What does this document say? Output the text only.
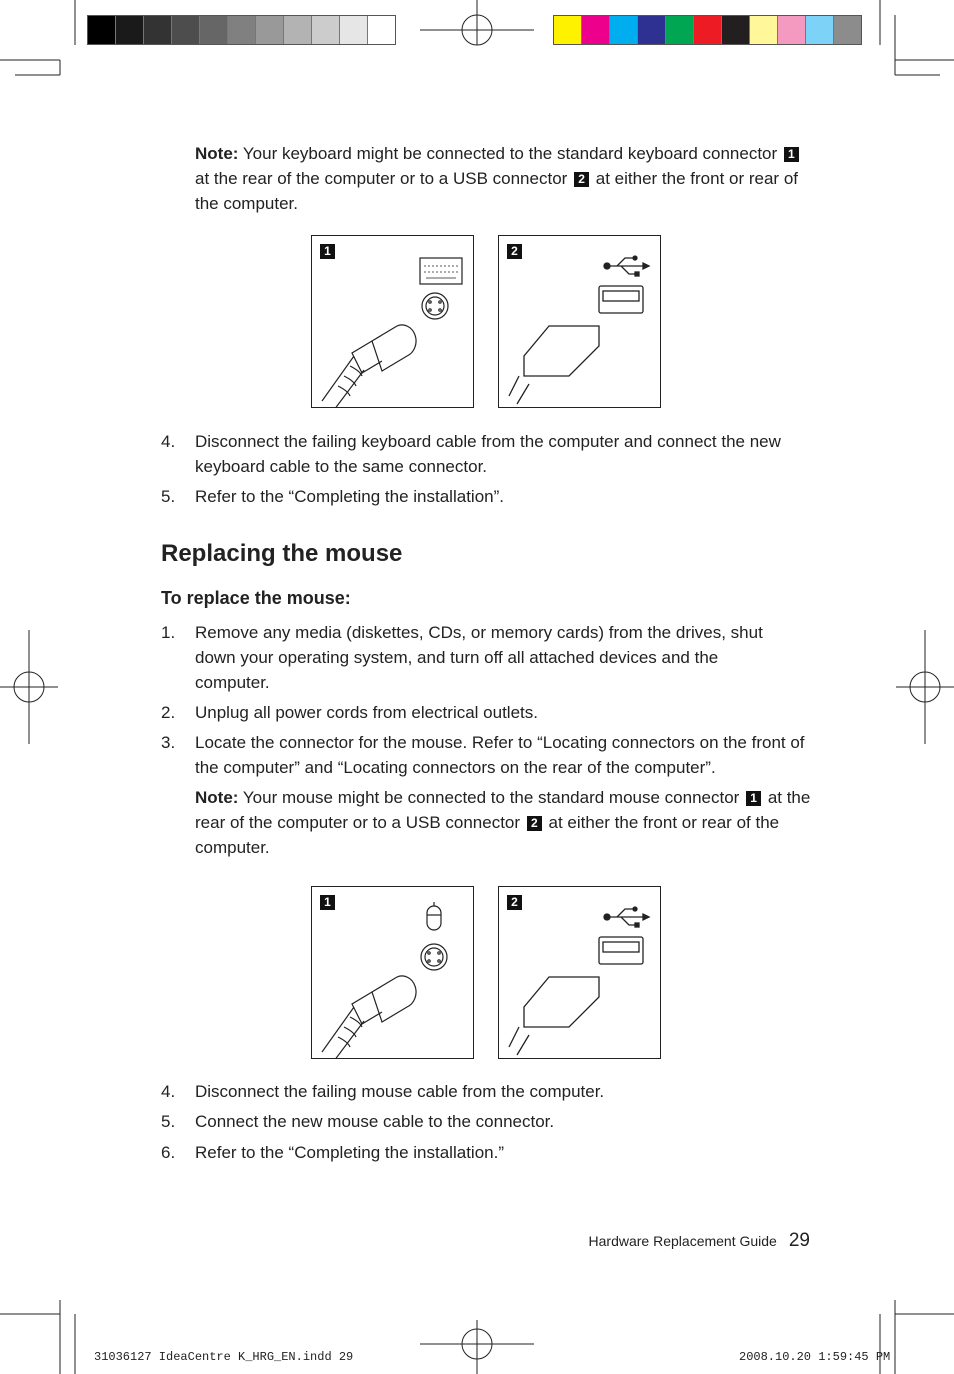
Note: Your keyboard might be connected to the standard keyboard connector 1 at the rear of the computer or to a USB connector 2 at either the front or rear of the computer.
1	2
4. Disconnect the failing keyboard cable from the computer and connect the new keyboard cable to the same connector.
5. Refer to the “Completing the installation”.
Replacing the mouse
To replace the mouse:
1. Remove any media (diskettes, CDs, or memory cards) from the drives, shut down your operating system, and turn off all attached devices and the computer.
2. Unplug all power cords from electrical outlets.
3. Locate the connector for the mouse. Refer to “Locating connectors on the front of the computer” and “Locating connectors on the rear of the computer”.
Note: Your mouse might be connected to the standard mouse connector 1 at the rear of the computer or to a USB connector 2 at either the front or rear of the computer.
1	2
4. Disconnect the failing mouse cable from the computer.
5. Connect the new mouse cable to the connector.
6. Refer to the “Completing the installation.”
Hardware Replacement Guide 29
31036127 IdeaCentre K_HRG_EN.indd 29	2008.10.20 1:59:45 PM
